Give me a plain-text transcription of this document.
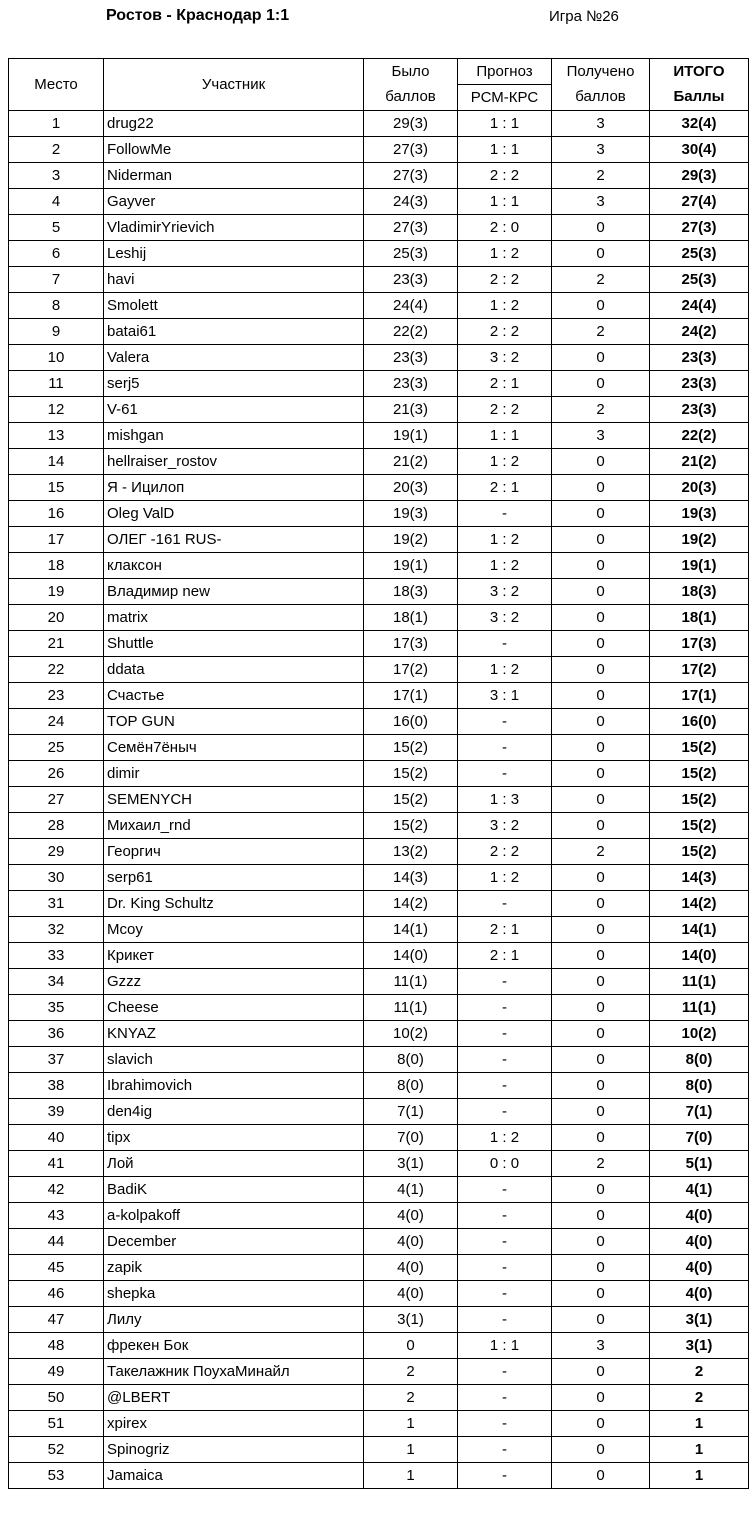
Ростов - Краснодар 1:1	Игра №26
Место	Участник	Было	Прогноз	Получено	ИТОГО
		баллов	РСМ-КРС	баллов	Баллы
1	drug22	29(3)	1 : 1	3	32(4)
2	FollowMe	27(3)	1 : 1	3	30(4)
3	Niderman	27(3)	2 : 2	2	29(3)
4	Gayver	24(3)	1 : 1	3	27(4)
5	VladimirYrievich	27(3)	2 : 0	0	27(3)
6	Leshij	25(3)	1 : 2	0	25(3)
7	havi	23(3)	2 : 2	2	25(3)
8	Smolett	24(4)	1 : 2	0	24(4)
9	batai61	22(2)	2 : 2	2	24(2)
10	Valera	23(3)	3 : 2	0	23(3)
11	serj5	23(3)	2 : 1	0	23(3)
12	V-61	21(3)	2 : 2	2	23(3)
13	mishgan	19(1)	1 : 1	3	22(2)
14	hellraiser_rostov	21(2)	1 : 2	0	21(2)
15	Я - Ицилоп	20(3)	2 : 1	0	20(3)
16	Oleg ValD	19(3)	-	0	19(3)
17	ОЛЕГ -161 RUS-	19(2)	1 : 2	0	19(2)
18	клаксон	19(1)	1 : 2	0	19(1)
19	Владимир new	18(3)	3 : 2	0	18(3)
20	matrix	18(1)	3 : 2	0	18(1)
21	Shuttle	17(3)	-	0	17(3)
22	ddata	17(2)	1 : 2	0	17(2)
23	Счастье	17(1)	3 : 1	0	17(1)
24	TOP GUN	16(0)	-	0	16(0)
25	Семён7ёныч	15(2)	-	0	15(2)
26	dimir	15(2)	-	0	15(2)
27	SEMENYCH	15(2)	1 : 3	0	15(2)
28	Михаил_rnd	15(2)	3 : 2	0	15(2)
29	Георгич	13(2)	2 : 2	2	15(2)
30	serp61	14(3)	1 : 2	0	14(3)
31	Dr. King Schultz	14(2)	-	0	14(2)
32	Mcoy	14(1)	2 : 1	0	14(1)
33	Крикет	14(0)	2 : 1	0	14(0)
34	Gzzz	11(1)	-	0	11(1)
35	Cheese	11(1)	-	0	11(1)
36	KNYAZ	10(2)	-	0	10(2)
37	slavich	8(0)	-	0	8(0)
38	Ibrahimovich	8(0)	-	0	8(0)
39	den4ig	7(1)	-	0	7(1)
40	tipx	7(0)	1 : 2	0	7(0)
41	Лой	3(1)	0 : 0	2	5(1)
42	BadiK	4(1)	-	0	4(1)
43	a-kolpakoff	4(0)	-	0	4(0)
44	December	4(0)	-	0	4(0)
45	zapik	4(0)	-	0	4(0)
46	shepka	4(0)	-	0	4(0)
47	Лилу	3(1)	-	0	3(1)
48	фрекен Бок	0	1 : 1	3	3(1)
49	Такелажник ПоухаМинайл	2	-	0	2
50	@LBERT	2	-	0	2
51	xpirex	1	-	0	1
52	Spinogriz	1	-	0	1
53	Jamaica	1	-	0	1
